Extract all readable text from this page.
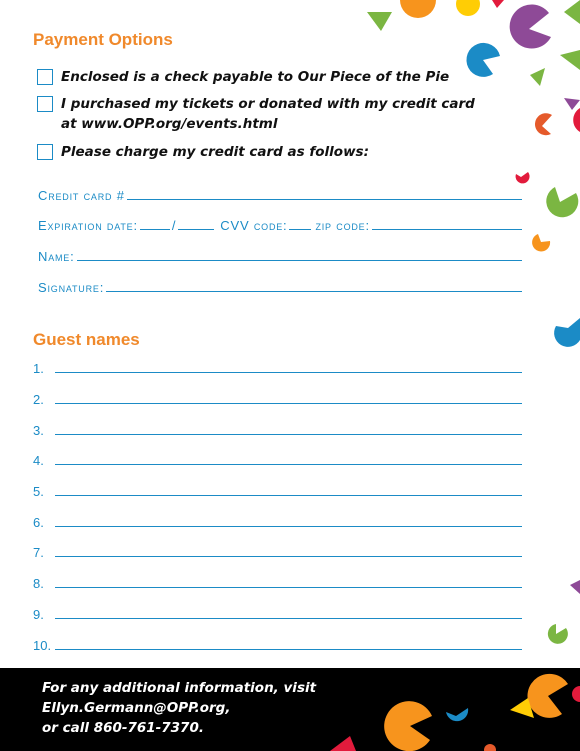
Payment Options
Enclosed is a check payable to Our Piece of the Pie
I purchased my tickets or donated with my credit card at www.OPP.org/events.html
Please charge my credit card as follows:
Credit card #
Expiration date:	/	CVV code: zip code:
Name:
Signature:
Guest names
1.
2.
3.
4.
5.
6.
7.
8.
9.
10.
For any additional information, visit Ellyn.Germann@OPP.org,
or call 860-761-7370.
